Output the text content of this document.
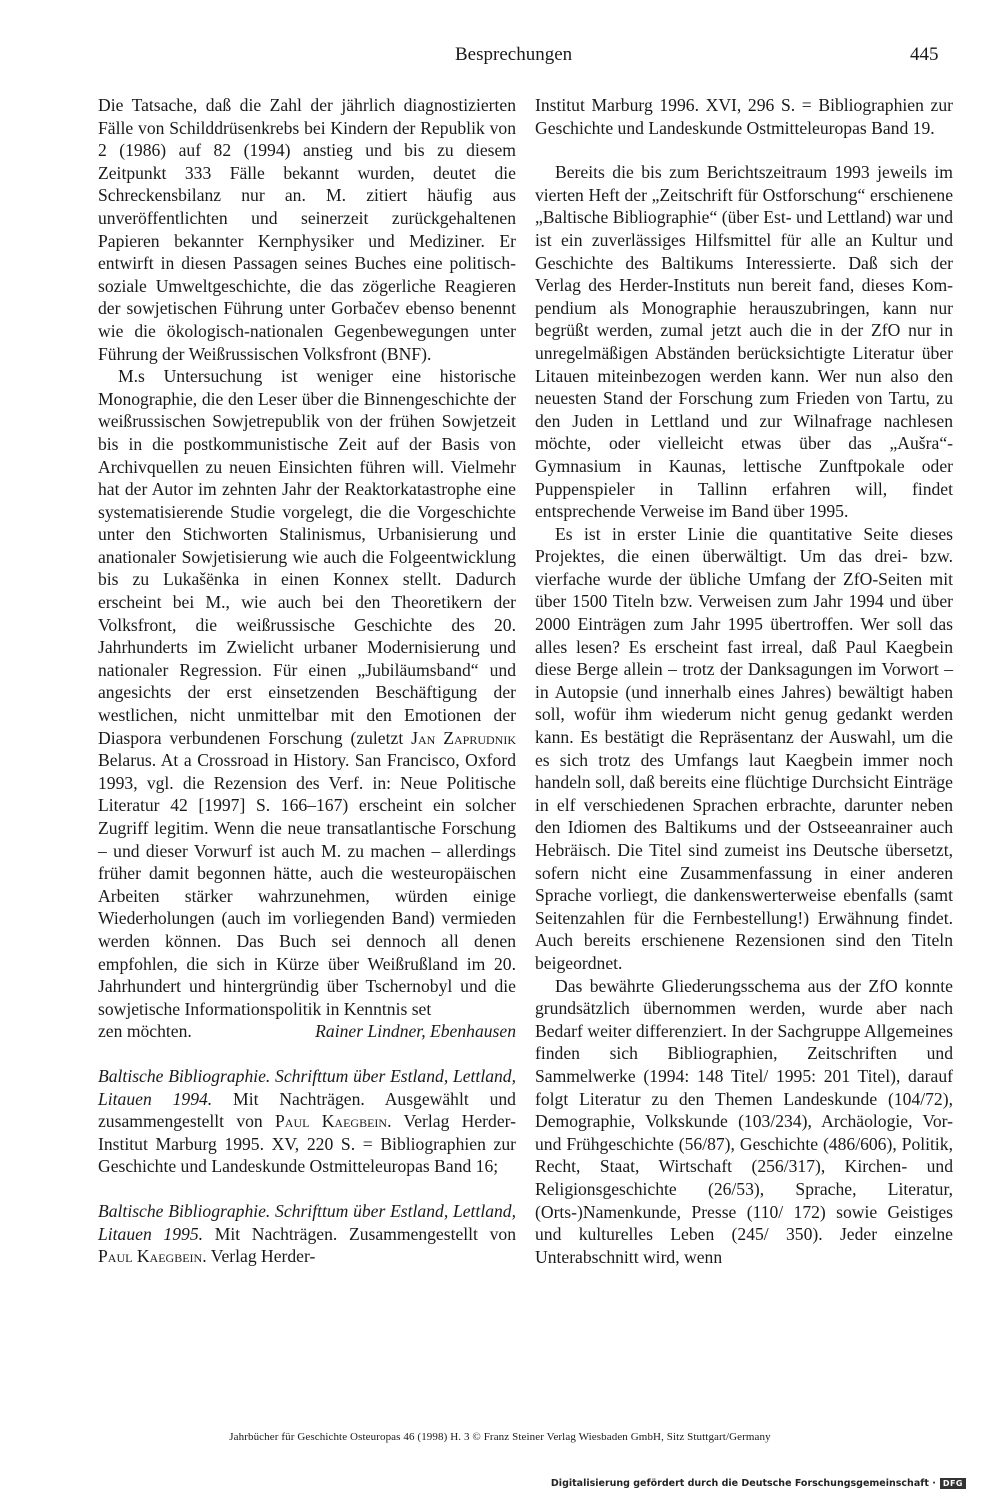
Besprechungen	445

Die Tatsache, daß die Zahl der jährlich diagnostizierten Fälle von Schilddrüsenkrebs bei Kindern der Republik von 2 (1986) auf 82 (1994) anstieg und bis zu diesem Zeitpunkt 333 Fälle bekannt wurden, deutet die Schreckensbilanz nur an. M. zitiert häufig aus unveröffentlichten und seinerzeit zurückgehaltenen Papieren bekannter Kernphysiker und Mediziner. Er entwirft in diesen Passagen seines Buches eine politisch-soziale Umweltgeschichte, die das zögerliche Reagieren der sowjetischen Führung unter Gorbačev ebenso benennt wie die ökologisch-nationalen Gegenbewegungen unter Führung der Weißrussischen Volksfront (BNF).

M.s Untersuchung ist weniger eine historische Monographie, die den Leser über die Binnengeschichte der weißrussischen Sowjetrepublik von der frühen Sowjetzeit bis in die postkommunistische Zeit auf der Basis von Archivquellen zu neuen Einsichten führen will. Vielmehr hat der Autor im zehnten Jahr der Reaktorkatastrophe eine systematisierende Studie vorgelegt, die die Vorgeschichte unter den Stichworten Stalinismus, Urbanisierung und anationaler Sowjetisierung wie auch die Folgeentwicklung bis zu Lukašënka in einen Konnex stellt. Dadurch erscheint bei M., wie auch bei den Theoretikern der Volksfront, die weißrussische Geschichte des 20. Jahrhunderts im Zwielicht urbaner Modernisierung und nationaler Regression. Für einen „Jubiläumsband“ und angesichts der erst einsetzenden Beschäftigung der westlichen, nicht unmittelbar mit den Emotionen der Diaspora verbundenen Forschung (zuletzt Jan Zaprudnik Belarus. At a Crossroad in History. San Francisco, Oxford 1993, vgl. die Rezension des Verf. in: Neue Politische Literatur 42 [1997] S. 166–167) erscheint ein solcher Zugriff legitim. Wenn die neue transatlantische Forschung – und dieser Vorwurf ist auch M. zu machen – allerdings früher damit begonnen hätte, auch die westeuropäischen Arbeiten stärker wahrzunehmen, würden einige Wiederholungen (auch im vorliegenden Band) vermieden werden können. Das Buch sei dennoch all denen empfohlen, die sich in Kürze über Weißrußland im 20. Jahrhundert und hintergründig über Tschernobyl und die sowjetische Informationspolitik in Kenntnis set

zen möchten.	Rainer Lindner, Ebenhausen

Baltische Bibliographie. Schrifttum über Estland, Lettland, Litauen 1994. Mit Nachträgen. Ausgewählt und zusammengestellt von Paul Kaegbein. Verlag Herder-Institut Marburg 1995. XV, 220 S. = Bibliographien zur Geschichte und Landeskunde Ostmitteleuropas Band 16;

Baltische Bibliographie. Schrifttum über Estland, Lettland, Litauen 1995. Mit Nachträgen. Zusammengestellt von Paul Kaegbein. Verlag Herder-

Institut Marburg 1996. XVI, 296 S. = Bibliographien zur Geschichte und Landeskunde Ostmitteleuropas Band 19.

Bereits die bis zum Berichtszeitraum 1993 jeweils im vierten Heft der „Zeitschrift für Ostforschung“ erschienene „Baltische Bibliographie“ (über Est- und Lettland) war und ist ein zuverlässiges Hilfsmittel für alle an Kultur und Geschichte des Baltikums Interessierte. Daß sich der Verlag des Herder-Instituts nun bereit fand, dieses Kompendium als Monographie herauszubringen, kann nur begrüßt werden, zumal jetzt auch die in der ZfO nur in unregelmäßigen Abständen berücksichtigte Literatur über Litauen miteinbezogen werden kann. Wer nun also den neuesten Stand der Forschung zum Frieden von Tartu, zu den Juden in Lettland und zur Wilnafrage nachlesen möchte, oder vielleicht etwas über das „Aušra“-Gymnasium in Kaunas, lettische Zunftpokale oder Puppenspieler in Tallinn erfahren will, findet entsprechende Verweise im Band über 1995.

Es ist in erster Linie die quantitative Seite dieses Projektes, die einen überwältigt. Um das drei- bzw. vierfache wurde der übliche Umfang der ZfO-Seiten mit über 1500 Titeln bzw. Verweisen zum Jahr 1994 und über 2000 Einträgen zum Jahr 1995 übertroffen. Wer soll das alles lesen? Es erscheint fast irreal, daß Paul Kaegbein diese Berge allein – trotz der Danksagungen im Vorwort – in Autopsie (und innerhalb eines Jahres) bewältigt haben soll, wofür ihm wiederum nicht genug gedankt werden kann. Es bestätigt die Repräsentanz der Auswahl, um die es sich trotz des Umfangs laut Kaegbein immer noch handeln soll, daß bereits eine flüchtige Durchsicht Einträge in elf verschiedenen Sprachen erbrachte, darunter neben den Idiomen des Baltikums und der Ostseeanrainer auch Hebräisch. Die Titel sind zumeist ins Deutsche übersetzt, sofern nicht eine Zusammenfassung in einer anderen Sprache vorliegt, die dankenswerterweise ebenfalls (samt Seitenzahlen für die Fernbestellung!) Erwähnung findet. Auch bereits erschienene Rezensionen sind den Titeln beigeordnet.

Das bewährte Gliederungsschema aus der ZfO konnte grundsätzlich übernommen werden, wurde aber nach Bedarf weiter differenziert. In der Sachgruppe Allgemeines finden sich Bibliographien, Zeitschriften und Sammelwerke (1994: 148 Titel/ 1995: 201 Titel), darauf folgt Literatur zu den Themen Landeskunde (104/72), Demographie, Volkskunde (103/234), Archäologie, Vor- und Frühgeschichte (56/87), Geschichte (486/606), Politik, Recht, Staat, Wirtschaft (256/317), Kirchen- und Religionsgeschichte (26/53), Sprache, Literatur, (Orts-)Namenkunde, Presse (110/ 172) sowie Geistiges und kulturelles Leben (245/ 350). Jeder einzelne Unterabschnitt wird, wenn

Jahrbücher für Geschichte Osteuropas 46 (1998) H. 3 © Franz Steiner Verlag Wiesbaden GmbH, Sitz Stuttgart/Germany
Digitalisierung gefördert durch die Deutsche Forschungsgemeinschaft · DFG
